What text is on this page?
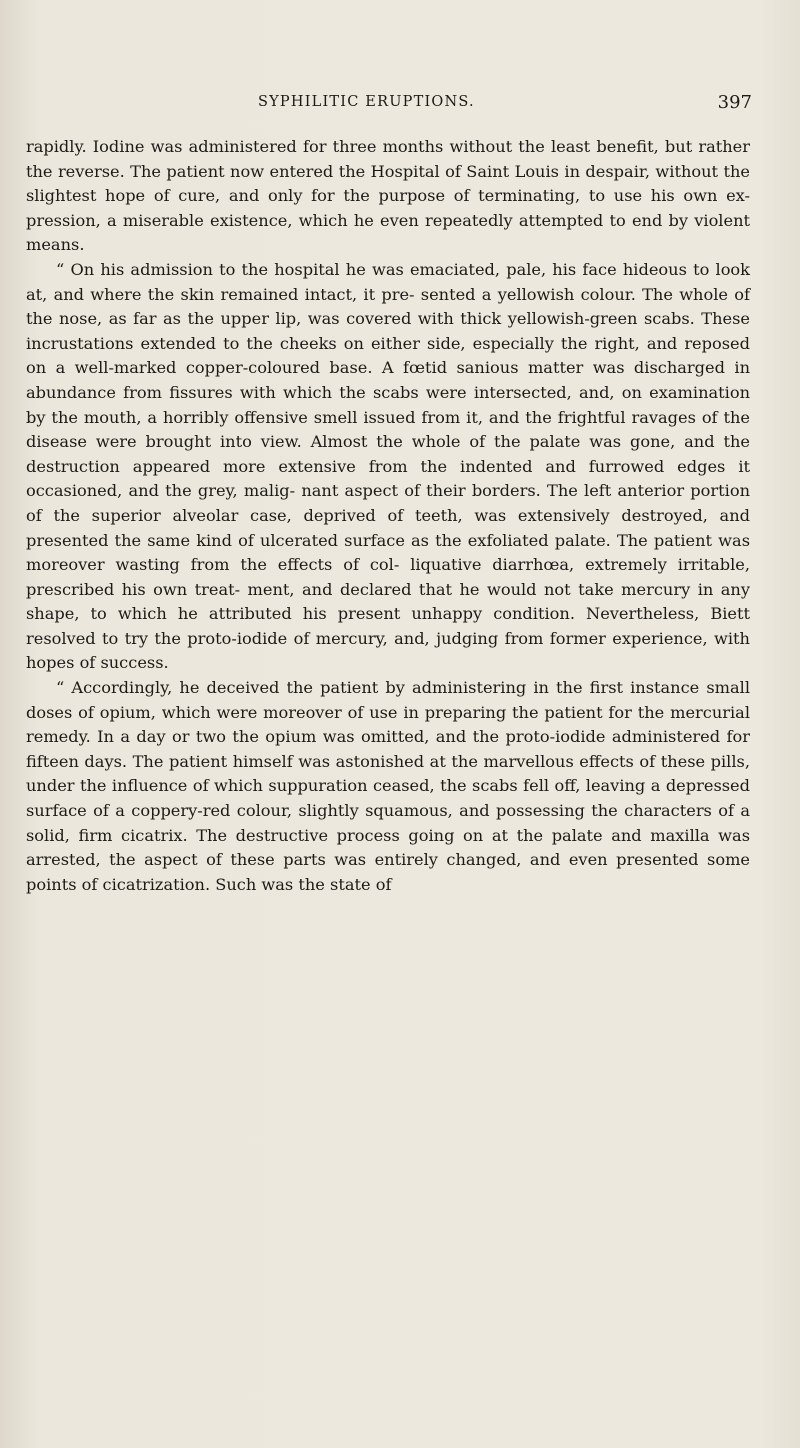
SYPHILITIC ERUPTIONS.	397

rapidly. Iodine was administered for three months without the least benefit, but rather the reverse. The patient now entered the Hospital of Saint Louis in despair, without the slightest hope of cure, and only for the purpose of terminating, to use his own ex- pression, a miserable existence, which he even repeatedly attempted to end by violent means.

“ On his admission to the hospital he was emaciated, pale, his face hideous to look at, and where the skin remained intact, it pre- sented a yellowish colour. The whole of the nose, as far as the upper lip, was covered with thick yellowish-green scabs. These incrustations extended to the cheeks on either side, especially the right, and reposed on a well-marked copper-coloured base. A fœtid sanious matter was discharged in abundance from fissures with which the scabs were intersected, and, on examination by the mouth, a horribly offensive smell issued from it, and the frightful ravages of the disease were brought into view. Almost the whole of the palate was gone, and the destruction appeared more extensive from the indented and furrowed edges it occasioned, and the grey, malig- nant aspect of their borders. The left anterior portion of the superior alveolar case, deprived of teeth, was extensively destroyed, and presented the same kind of ulcerated surface as the exfoliated palate. The patient was moreover wasting from the effects of col- liquative diarrhœa, extremely irritable, prescribed his own treat- ment, and declared that he would not take mercury in any shape, to which he attributed his present unhappy condition. Nevertheless, Biett resolved to try the proto-iodide of mercury, and, judging from former experience, with hopes of success.

“ Accordingly, he deceived the patient by administering in the first instance small doses of opium, which were moreover of use in preparing the patient for the mercurial remedy. In a day or two the opium was omitted, and the proto-iodide administered for fifteen days. The patient himself was astonished at the marvellous effects of these pills, under the influence of which suppuration ceased, the scabs fell off, leaving a depressed surface of a coppery-red colour, slightly squamous, and possessing the characters of a solid, firm cicatrix. The destructive process going on at the palate and maxilla was arrested, the aspect of these parts was entirely changed, and even presented some points of cicatrization. Such was the state of
